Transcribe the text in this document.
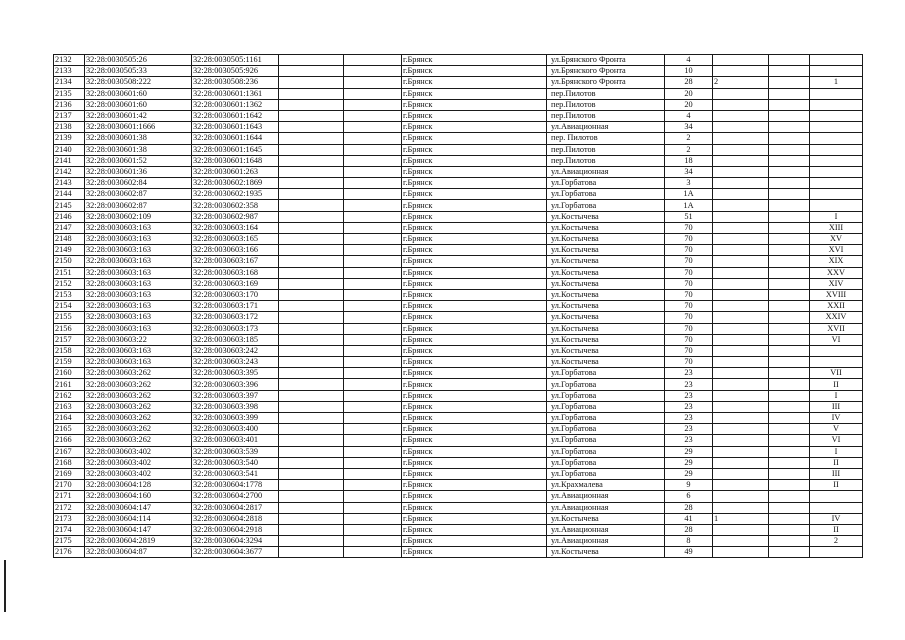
2132	32:28:0030505:26	32:28:0030505:1161			г.Брянск	ул.Брянского Фронта	4			
2133	32:28:0030505:33	32:28:0030505:926			г.Брянск	ул.Брянского Фронта	10			
2134	32:28:0030508:222	32:28:0030508:236			г.Брянск	ул.Брянского Фронта	28	2		1
2135	32:28:0030601:60	32:28:0030601:1361			г.Брянск	пер.Пилотов	20			
2136	32:28:0030601:60	32:28:0030601:1362			г.Брянск	пер.Пилотов	20			
2137	32:28:0030601:42	32:28:0030601:1642			г.Брянск	пер.Пилотов	4			
2138	32:28:0030601:1666	32:28:0030601:1643			г.Брянск	ул.Авиационная	34			
2139	32:28:0030601:38	32:28:0030601:1644			г.Брянск	пер. Пилотов	2			
2140	32:28:0030601:38	32:28:0030601:1645			г.Брянск	пер.Пилотов	2			
2141	32:28:0030601:52	32:28:0030601:1648			г.Брянск	пер.Пилотов	18			
2142	32:28:0030601:36	32:28:0030601:263			г.Брянск	ул.Авиационная	34			
2143	32:28:0030602:84	32:28:0030602:1869			г.Брянск	ул.Горбатова	3			
2144	32:28:0030602:87	32:28:0030602:1935			г.Брянск	ул.Горбатова	1А			
2145	32:28:0030602:87	32:28:0030602:358			г.Брянск	ул.Горбатова	1А			
2146	32:28:0030602:109	32:28:0030602:987			г.Брянск	ул.Костычева	51			I
2147	32:28:0030603:163	32:28:0030603:164			г.Брянск	ул.Костычева	70			XIII
2148	32:28:0030603:163	32:28:0030603:165			г.Брянск	ул.Костычева	70			XV
2149	32:28:0030603:163	32:28:0030603:166			г.Брянск	ул.Костычева	70			XVI
2150	32:28:0030603:163	32:28:0030603:167			г.Брянск	ул.Костычева	70			XIX
2151	32:28:0030603:163	32:28:0030603:168			г.Брянск	ул.Костычева	70			XXV
2152	32:28:0030603:163	32:28:0030603:169			г.Брянск	ул.Костычева	70			XIV
2153	32:28:0030603:163	32:28:0030603:170			г.Брянск	ул.Костычева	70			XVIII
2154	32:28:0030603:163	32:28:0030603:171			г.Брянск	ул.Костычева	70			XXII
2155	32:28:0030603:163	32:28:0030603:172			г.Брянск	ул.Костычева	70			XXIV
2156	32:28:0030603:163	32:28:0030603:173			г.Брянск	ул.Костычева	70			XVII
2157	32:28:0030603:22	32:28:0030603:185			г.Брянск	ул.Костычева	70			VI
2158	32:28:0030603:163	32:28:0030603:242			г.Брянск	ул.Костычева	70			
2159	32:28:0030603:163	32:28:0030603:243			г.Брянск	ул.Костычева	70			
2160	32:28:0030603:262	32:28:0030603:395			г.Брянск	ул.Горбатова	23			VII
2161	32:28:0030603:262	32:28:0030603:396			г.Брянск	ул.Горбатова	23			II
2162	32:28:0030603:262	32:28:0030603:397			г.Брянск	ул.Горбатова	23			I
2163	32:28:0030603:262	32:28:0030603:398			г.Брянск	ул.Горбатова	23			III
2164	32:28:0030603:262	32:28:0030603:399			г.Брянск	ул.Горбатова	23			IV
2165	32:28:0030603:262	32:28:0030603:400			г.Брянск	ул.Горбатова	23			V
2166	32:28:0030603:262	32:28:0030603:401			г.Брянск	ул.Горбатова	23			VI
2167	32:28:0030603:402	32:28:0030603:539			г.Брянск	ул.Горбатова	29			I
2168	32:28:0030603:402	32:28:0030603:540			г.Брянск	ул.Горбатова	29			II
2169	32:28:0030603:402	32:28:0030603:541			г.Брянск	ул.Горбатова	29			III
2170	32:28:0030604:128	32:28:0030604:1778			г.Брянск	ул.Крахмалева	9			II
2171	32:28:0030604:160	32:28:0030604:2700			г.Брянск	ул.Авиационная	6			
2172	32:28:0030604:147	32:28:0030604:2817			г.Брянск	ул.Авиационная	28			
2173	32:28:0030604:114	32:28:0030604:2818			г.Брянск	ул.Костычева	41	1		IV
2174	32:28:0030604:147	32:28:0030604:2918			г.Брянск	ул.Авиационная	28			II
2175	32:28:0030604:2819	32:28:0030604:3294			г.Брянск	ул.Авиационная	8			2
2176	32:28:0030604:87	32:28:0030604:3677			г.Брянск	ул.Костычева	49			
